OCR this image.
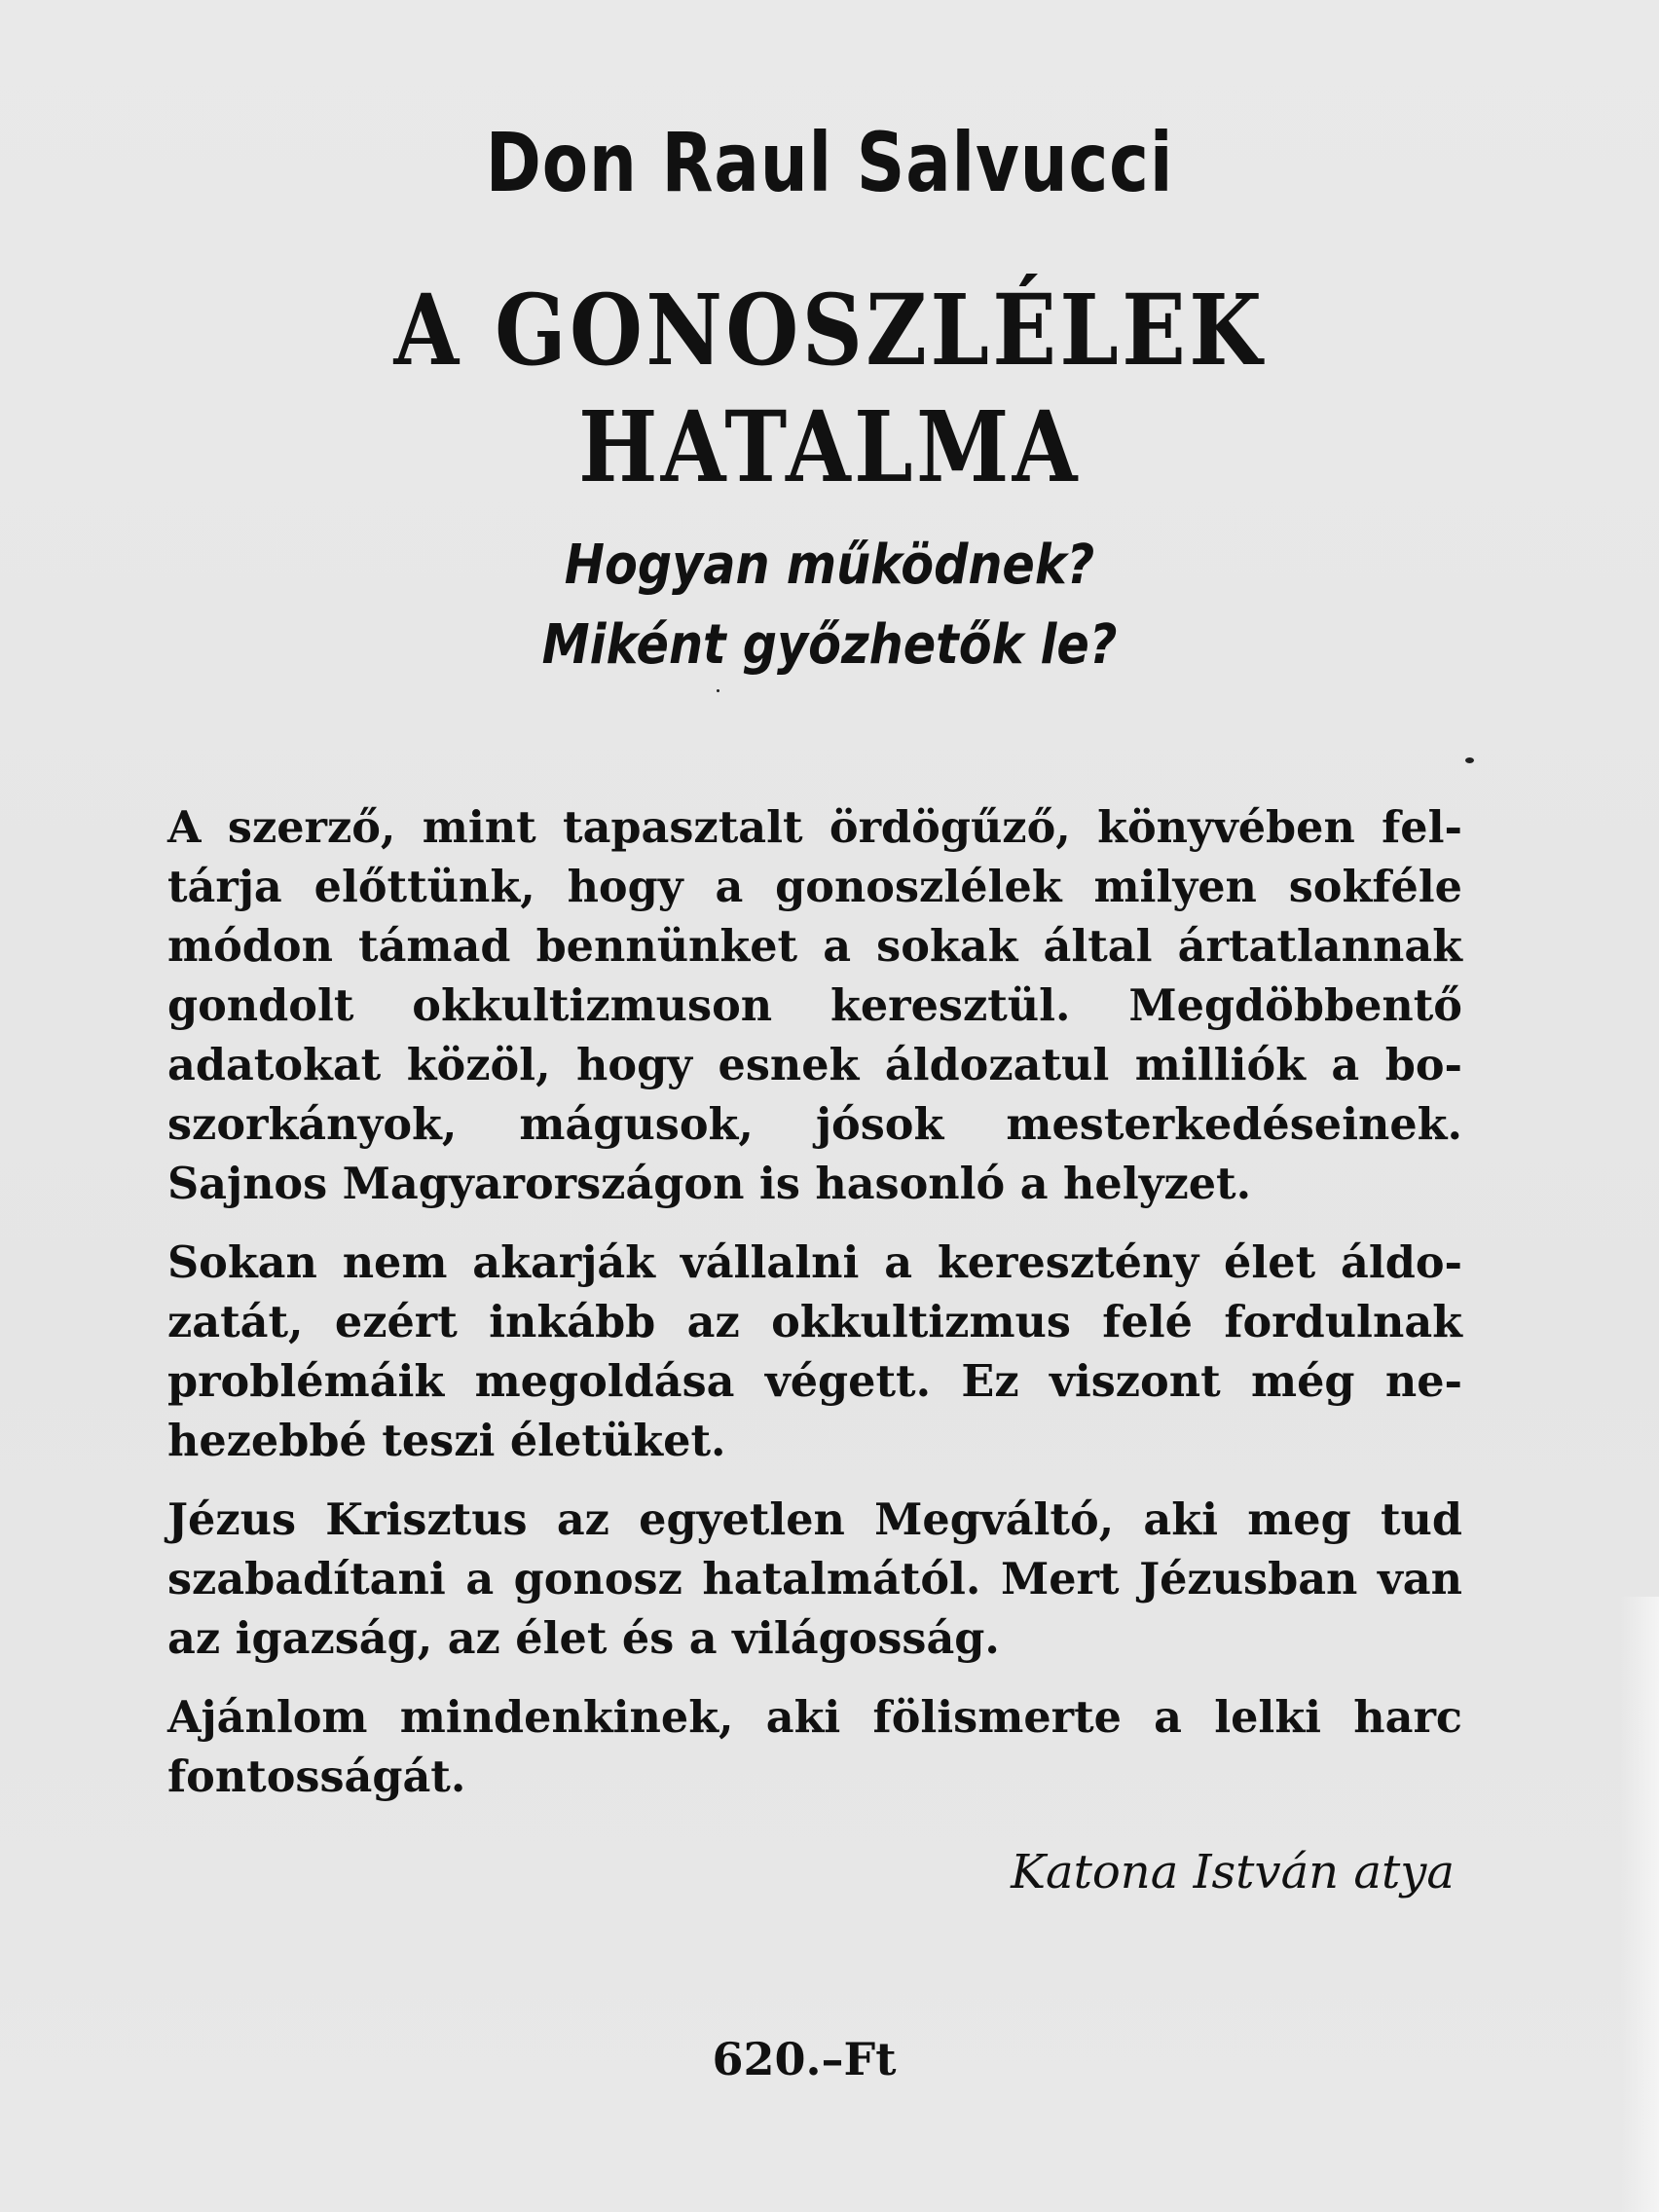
Don Raul Salvucci
A GONOSZLÉLEK
HATALMA
Hogyan működnek?
Miként győzhetők le?

A szerző, mint tapasztalt ördögűző, könyvében fel-tárja előttünk, hogy a gonoszlélek milyen sokféle módon támad bennünket a sokak által ártatlannak gondolt okkultizmuson keresztül. Megdöbbentő adatokat közöl, hogy esnek áldozatul milliók a bo-szorkányok, mágusok, jósok mesterkedéseinek. Sajnos Magyarországon is hasonló a helyzet.

Sokan nem akarják vállalni a keresztény élet áldo-zatát, ezért inkább az okkultizmus felé fordulnak problémáik megoldása végett. Ez viszont még ne-hezebbé teszi életüket.

Jézus Krisztus az egyetlen Megváltó, aki meg tud szabadítani a gonosz hatalmától. Mert Jézusban van az igazság, az élet és a világosság.

Ajánlom mindenkinek, aki fölismerte a lelki harc fontosságát.

Katona István atya
620.–Ft
